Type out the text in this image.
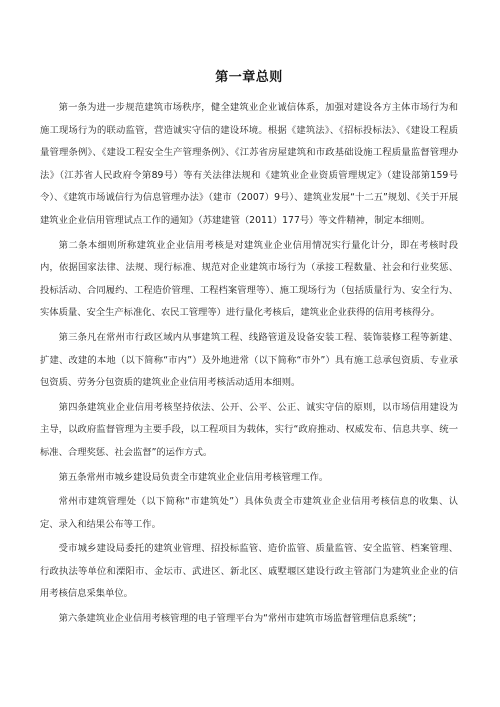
第一章总则

第一条为进一步规范建筑市场秩序，健全建筑业企业诚信体系，加强对建设各方主体市场行为和施工现场行为的联动监管，营造诚实守信的建设环境。根据《建筑法》、《招标投标法》、《建设工程质量管理条例》、《建设工程安全生产管理条例》、《江苏省房屋建筑和市政基础设施工程质量监督管理办法》（江苏省人民政府令第89号）等有关法律法规和《建筑业企业资质管理规定》（建设部第159号令）、《建筑市场诚信行为信息管理办法》（建市（2007）9号）、建筑业发展“十二五”规划、《关于开展建筑业企业信用管理试点工作的通知》（苏建建管（2011）177号）等文件精神，制定本细则。

第二条本细则所称建筑业企业信用考核是对建筑业企业信用情况实行量化计分，即在考核时段内，依据国家法律、法规、现行标准、规范对企业建筑市场行为（承接工程数量、社会和行业奖惩、投标活动、合同履约、工程造价管理、工程档案管理等）、施工现场行为（包括质量行为、安全行为、实体质量、安全生产标准化、农民工管理等）进行量化考核后，建筑业企业获得的信用考核得分。

第三条凡在常州市行政区域内从事建筑工程、线路管道及设备安装工程、装饰装修工程等新建、扩建、改建的本地（以下简称“市内”）及外地进常（以下简称“市外”）具有施工总承包资质、专业承包资质、劳务分包资质的建筑业企业信用考核活动适用本细则。

第四条建筑业企业信用考核坚持依法、公开、公平、公正、诚实守信的原则，以市场信用建设为主导，以政府监督管理为主要手段，以工程项目为载体，实行“政府推动、权威发布、信息共享、统一标准、合理奖惩、社会监督”的运作方式。

第五条常州市城乡建设局负责全市建筑业企业信用考核管理工作。

常州市建筑管理处（以下简称“市建筑处”）具体负责全市建筑业企业信用考核信息的收集、认定、录入和结果公布等工作。

受市城乡建设局委托的建筑业管理、招投标监管、造价监管、质量监管、安全监管、档案管理、行政执法等单位和溧阳市、金坛市、武进区、新北区、戚墅堰区建设行政主管部门为建筑业企业的信用考核信息采集单位。

第六条建筑业企业信用考核管理的电子管理平台为“常州市建筑市场监督管理信息系统”；
